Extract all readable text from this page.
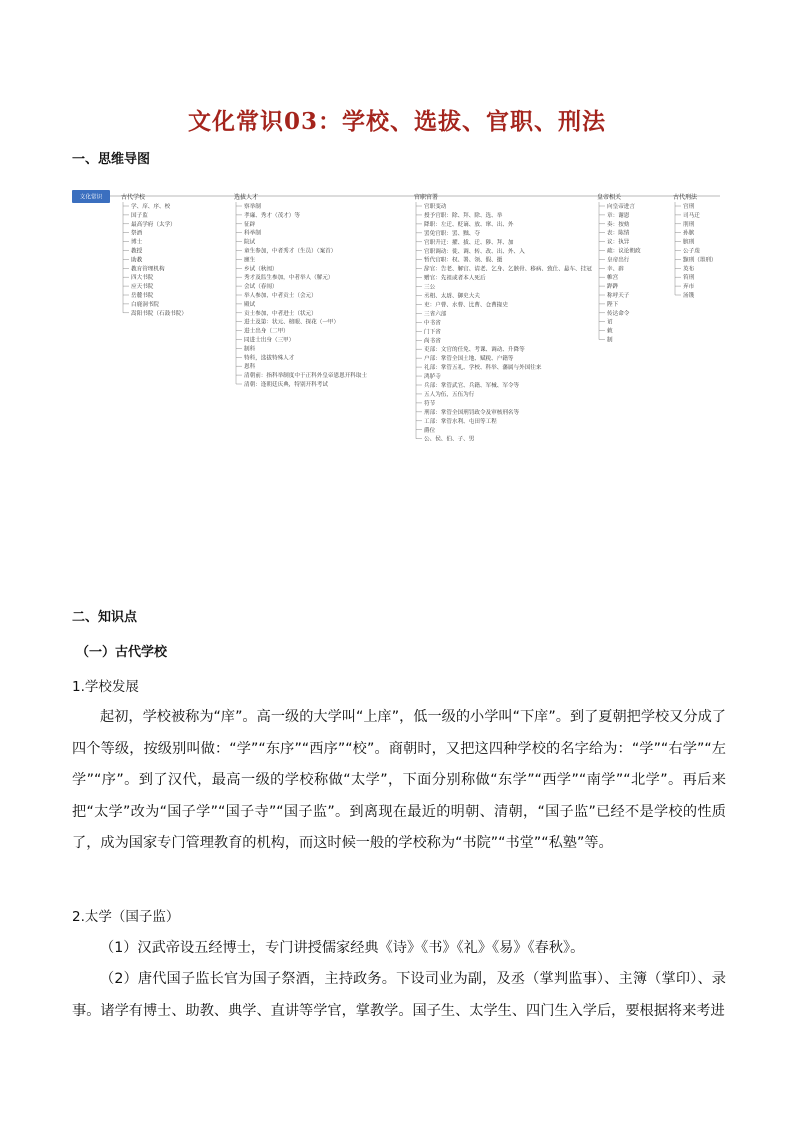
文化常识03：学校、选拔、官职、刑法
一、思维导图
文化常识	古代学校
学、庠、序、校
国子监
最高学府（太学）
祭酒
博士
教授
助教
教育管理机构
四大书院
应天书院
岳麓书院
白鹿洞书院
嵩阳书院（石鼓书院）
选拔人才
察举制
孝廉、秀才（茂才）等
征辟
科举制
院试
童生参加，中者秀才（生员）（案首）
廪生
乡试（秋闱）
秀才及监生参加，中者举人（解元）
会试（春闱）
举人参加，中者贡士（会元）
殿试
贡士参加，中者进士（状元）
进士及第：状元、榜眼、探花（一甲）
进士出身（二甲）
同进士出身（三甲）
制科
特科，选拔特殊人才
恩科
清朝前：指科举制度中于正科外皇帝恩恩开科取士
清朝：逢朝廷庆典，特别开科考试
官职官署
官职变动
授予官职：除、拜、除、选、举
降职：左迁、贬谪、放、窜、出、外
罢免官职：罢、黜、夺
官职升迁：擢、拔、迁、陟、拜、加
官职调动：徙、调、转、改、出、外、入
暂代官职：权、署、领、假、摄
辞官：告老、解官、请老、乞身、乞骸骨、移病、致仕、悬车、挂冠
赠官：先祖或者本人死后
三公
丞相、太尉、御史大夫
吏：户曹、水曹、比曹、仓曹掾史
三省六部
中书省
门下省
尚书省
吏部：文官的任免、考课、调动、升降等
户部：掌管全国土地、赋税、户籍等
礼部：掌管五礼、学校、科举、藩属与外国往来
鸿胪寺
兵部：掌管武官、兵籍、军械、军令等
五人为伍，五伍为行
符节
刑部：掌管全国刑罚政令及审核刑名等
工部：掌管水利、屯田等工程
爵位
公、侯、伯、子、男
皇帝相关
向皇帝进言
章：谢恩
奏：按劾
表：陈情
议：执异
疏：议论朝政
皇帝出行
幸、辟
帷宫
跸跸
称呼天子
陛下
传达命令
诏
敕
制
古代刑法
宫刑
司马迁
刖刑
孙膑
膑刑
公子虔
黥刑（墨刑）
英布
笞刑
弃市
汤镬
二、知识点
（一）古代学校
1.学校发展

起初，学校被称为“庠”。高一级的大学叫“上庠”，低一级的小学叫“下庠”。到了夏朝把学校又分成了四个等级，按级别叫做：“学”“东序”“西序”“校”。商朝时，又把这四种学校的名字给为：“学”“右学”“左学”“序”。到了汉代，最高一级的学校称做“太学”，下面分别称做“东学”“西学”“南学”“北学”。再后来把“太学”改为“国子学”“国子寺”“国子监”。到离现在最近的明朝、清朝，“国子监”已经不是学校的性质了，成为国家专门管理教育的机构，而这时候一般的学校称为“书院”“书堂”“私塾”等。

2.太学（国子监）

（1）汉武帝设五经博士，专门讲授儒家经典《诗》《书》《礼》《易》《春秋》。

（2）唐代国子监长官为国子祭酒，主持政务。下设司业为副，及丞（掌判监事）、主簿（掌印）、录事。诸学有博士、助教、典学、直讲等学官，掌教学。国子生、太学生、四门生入学后，要根据将来考进
